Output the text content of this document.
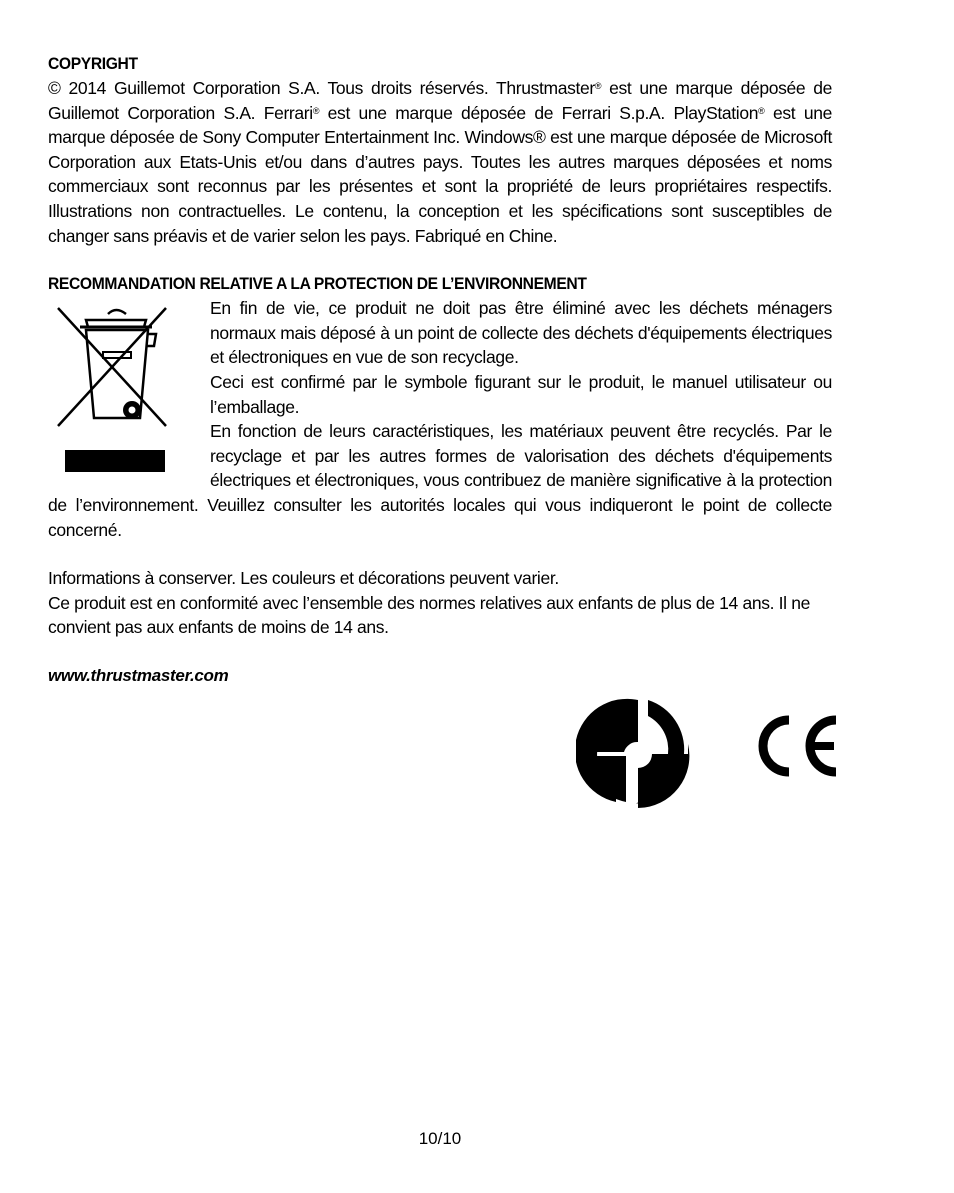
COPYRIGHT

© 2014 Guillemot Corporation S.A. Tous droits réservés. Thrustmaster® est une marque déposée de Guillemot Corporation S.A. Ferrari® est une marque déposée de Ferrari S.p.A. PlayStation® est une marque déposée de Sony Computer Entertainment Inc. Windows® est une marque déposée de Microsoft Corporation aux Etats-Unis et/ou dans d’autres pays. Toutes les autres marques déposées et noms commerciaux sont reconnus par les présentes et sont la propriété de leurs propriétaires respectifs. Illustrations non contractuelles. Le contenu, la conception et les spécifications sont susceptibles de changer sans préavis et de varier selon les pays. Fabriqué en Chine.

RECOMMANDATION RELATIVE A LA PROTECTION DE L’ENVIRONNEMENT

En fin de vie, ce produit ne doit pas être éliminé avec les déchets ménagers normaux mais déposé à un point de collecte des déchets d'équipements électriques et électroniques en vue de son recyclage.

Ceci est confirmé par le symbole figurant sur le produit, le manuel utilisateur ou l’emballage.

En fonction de leurs caractéristiques, les matériaux peuvent être recyclés. Par le recyclage et par les autres formes de valorisation des déchets d'équipements électriques et électroniques, vous contribuez de manière significative à la protection de l’environnement. Veuillez consulter les autorités locales qui vous indiqueront le point de collecte concerné.

Informations à conserver. Les couleurs et décorations peuvent varier.

Ce produit est en conformité avec l’ensemble des normes relatives aux enfants de plus de 14 ans. Il ne convient pas aux enfants de moins de 14 ans.

www.thrustmaster.com
10/10
